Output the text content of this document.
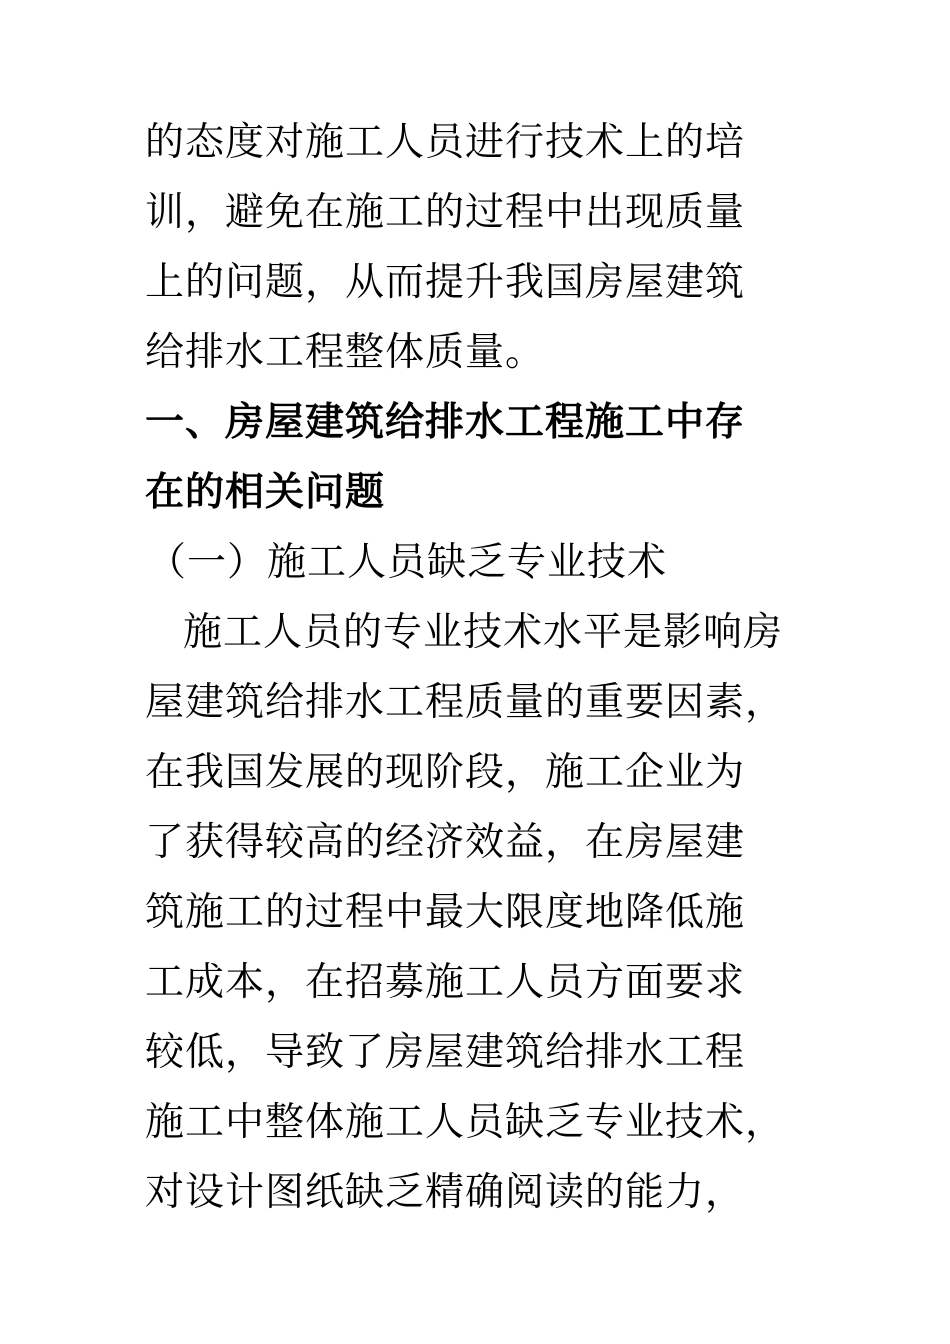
的态度对施工人员进行技术上的培
训，避免在施工的过程中出现质量
上的问题，从而提升我国房屋建筑
给排水工程整体质量。
一、房屋建筑给排水工程施工中存
在的相关问题
（一）施工人员缺乏专业技术
施工人员的专业技术水平是影响房
屋建筑给排水工程质量的重要因素，
在我国发展的现阶段，施工企业为
了获得较高的经济效益，在房屋建
筑施工的过程中最大限度地降低施
工成本，在招募施工人员方面要求
较低，导致了房屋建筑给排水工程
施工中整体施工人员缺乏专业技术，
对设计图纸缺乏精确阅读的能力，
